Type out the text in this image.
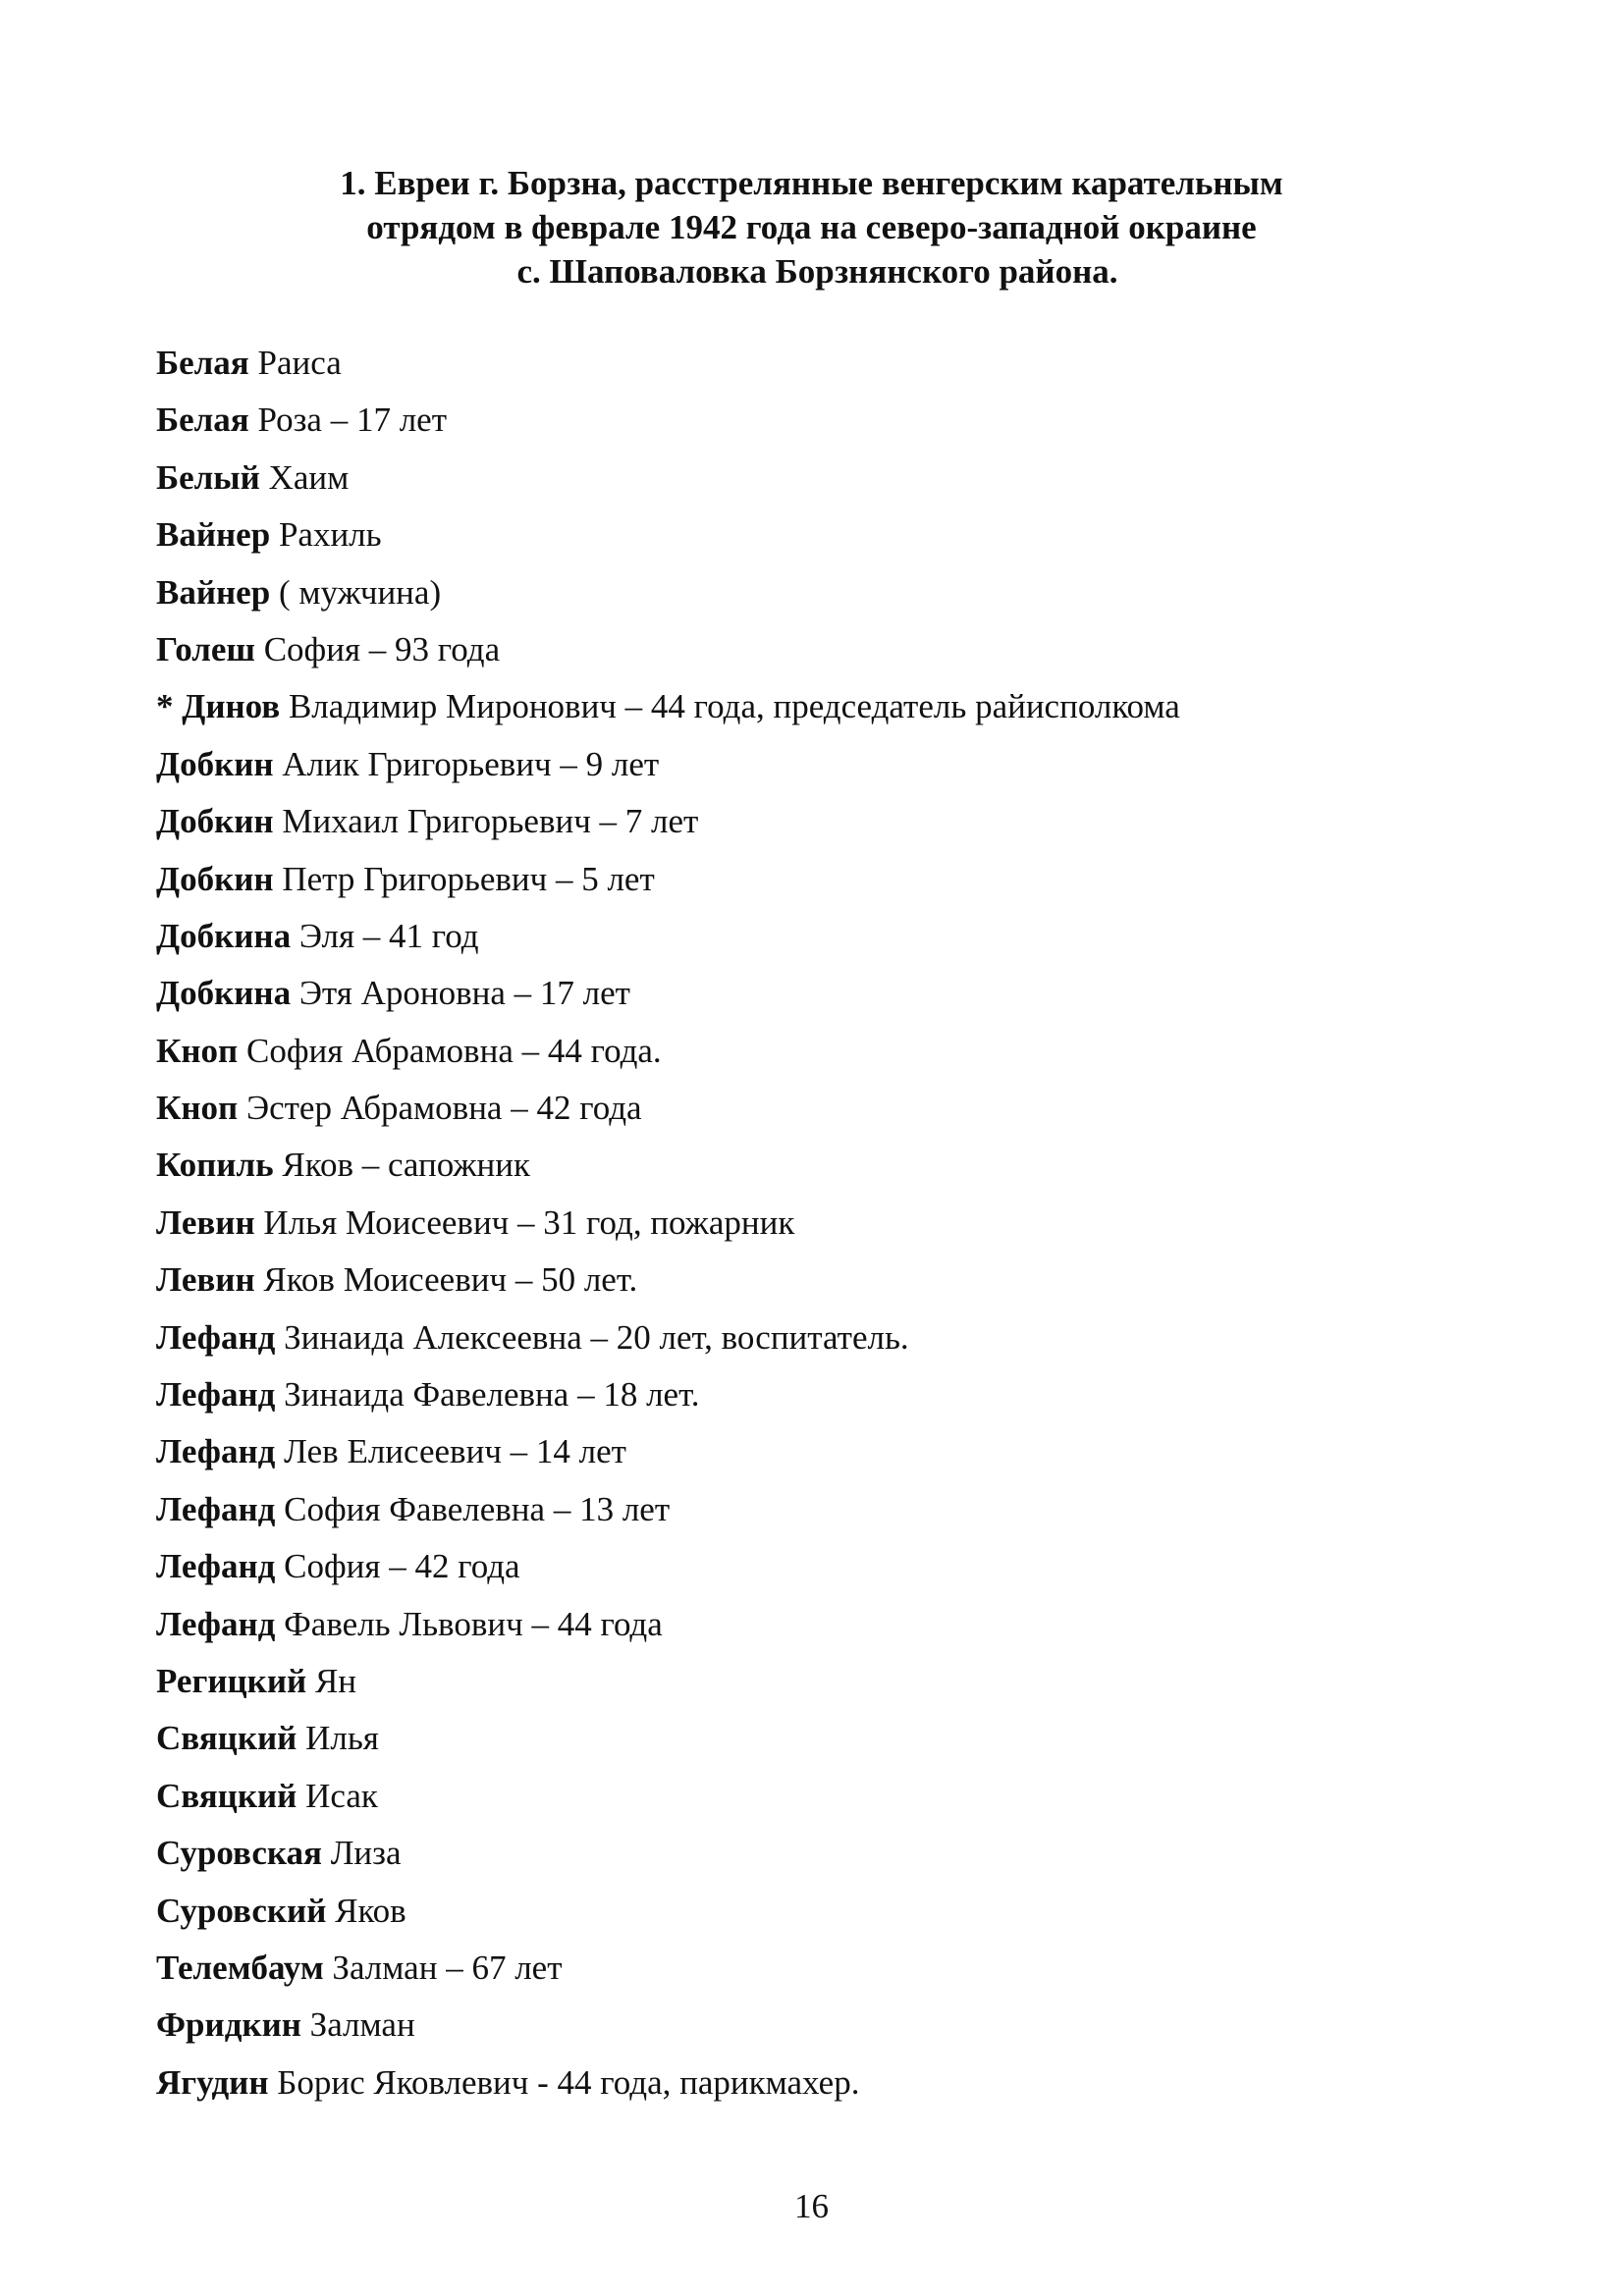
1. Евреи г. Борзна, расстрелянные венгерским карательным
отрядом в феврале 1942 года на северо-западной окраине
с. Шаповаловка Борзнянского района.
Белая Раиса
Белая Роза – 17 лет
Белый Хаим
Вайнер Рахиль
Вайнер ( мужчина)
Голеш София – 93 года
* Динов Владимир Миронович – 44 года, председатель райисполкома
Добкин Алик Григорьевич – 9 лет
Добкин Михаил Григорьевич – 7 лет
Добкин Петр Григорьевич – 5 лет
Добкина Эля – 41 год
Добкина Этя Ароновна – 17 лет
Кноп София Абрамовна – 44 года.
Кноп Эстер Абрамовна – 42 года
Копиль Яков – сапожник
Левин Илья Моисеевич – 31 год, пожарник
Левин Яков Моисеевич – 50 лет.
Лефанд Зинаида Алексеевна – 20 лет, воспитатель.
Лефанд Зинаида Фавелевна – 18 лет.
Лефанд Лев Елисеевич – 14 лет
Лефанд София Фавелевна – 13 лет
Лефанд София – 42 года
Лефанд Фавель Львович – 44 года
Регицкий Ян
Свяцкий Илья
Свяцкий Исак
Суровская Лиза
Суровский Яков
Телембаум Залман – 67 лет
Фридкин Залман
Ягудин Борис Яковлевич - 44 года, парикмахер.
16
